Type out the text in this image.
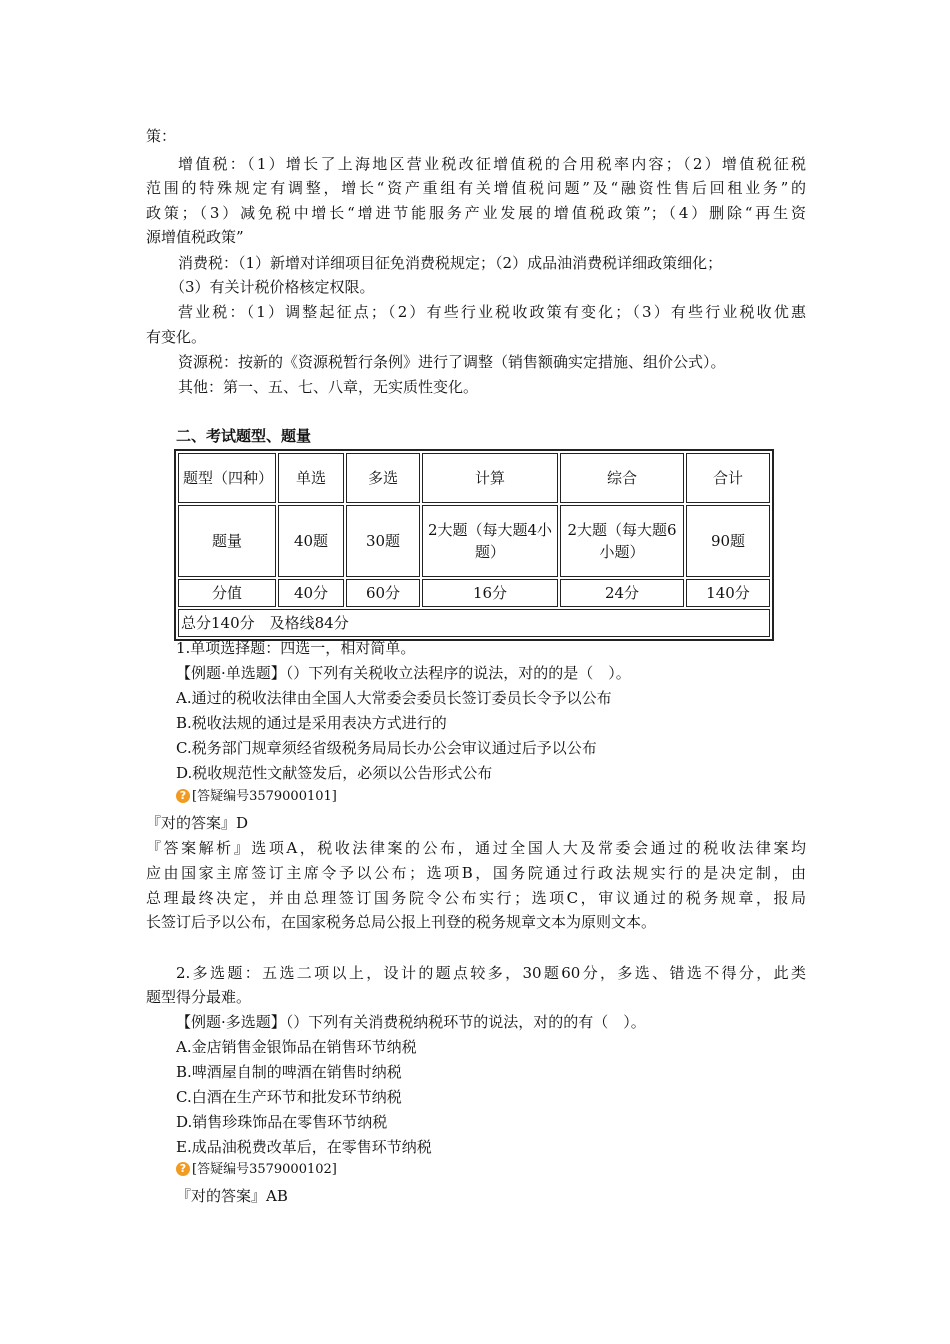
策：
增值税：（1）增长了上海地区营业税改征增值税的合用税率内容；（2）增值税征税
范围的特殊规定有调整，增长“资产重组有关增值税问题”及“融资性售后回租业务”的
政策；（3）减免税中增长“增进节能服务产业发展的增值税政策”；（4）删除“再生资
源增值税政策”
消费税：（1）新增对详细项目征免消费税规定；（2）成品油消费税详细政策细化；
（3）有关计税价格核定权限。
营业税：（1）调整起征点；（2）有些行业税收政策有变化；（3）有些行业税收优惠
有变化。
资源税：按新的《资源税暂行条例》进行了调整（销售额确实定措施、组价公式）。
其他：第一、五、七、八章，无实质性变化。
二、考试题型、题量
题型（四种）	单选	多选	计算	综合	合计
题量	40题	30题	2大题（每大题4小题）	2大题（每大题6小题）	90题
分值	40分	60分	16分	24分	140分
总分140分　及格线84分					
1.单项选择题：四选一，相对简单。
【例题·单选题】（）下列有关税收立法程序的说法，对的的是（　）。
A.通过的税收法律由全国人大常委会委员长签订委员长令予以公布
B.税收法规的通过是采用表决方式进行的
C.税务部门规章须经省级税务局局长办公会审议通过后予以公布
D.税收规范性文献签发后，必须以公告形式公布
? [答疑编号3579000101]
『对的答案』D
『答案解析』选项A，税收法律案的公布，通过全国人大及常委会通过的税收法律案均
应由国家主席签订主席令予以公布；选项B，国务院通过行政法规实行的是决定制，由
总理最终决定，并由总理签订国务院令公布实行；选项C，审议通过的税务规章，报局
长签订后予以公布，在国家税务总局公报上刊登的税务规章文本为原则文本。
2.多选题：五选二项以上，设计的题点较多，30题60分，多选、错选不得分，此类
题型得分最难。
【例题·多选题】（）下列有关消费税纳税环节的说法，对的的有（　）。
A.金店销售金银饰品在销售环节纳税
B.啤酒屋自制的啤酒在销售时纳税
C.白酒在生产环节和批发环节纳税
D.销售珍珠饰品在零售环节纳税
E.成品油税费改革后，在零售环节纳税
? [答疑编号3579000102]
『对的答案』AB
